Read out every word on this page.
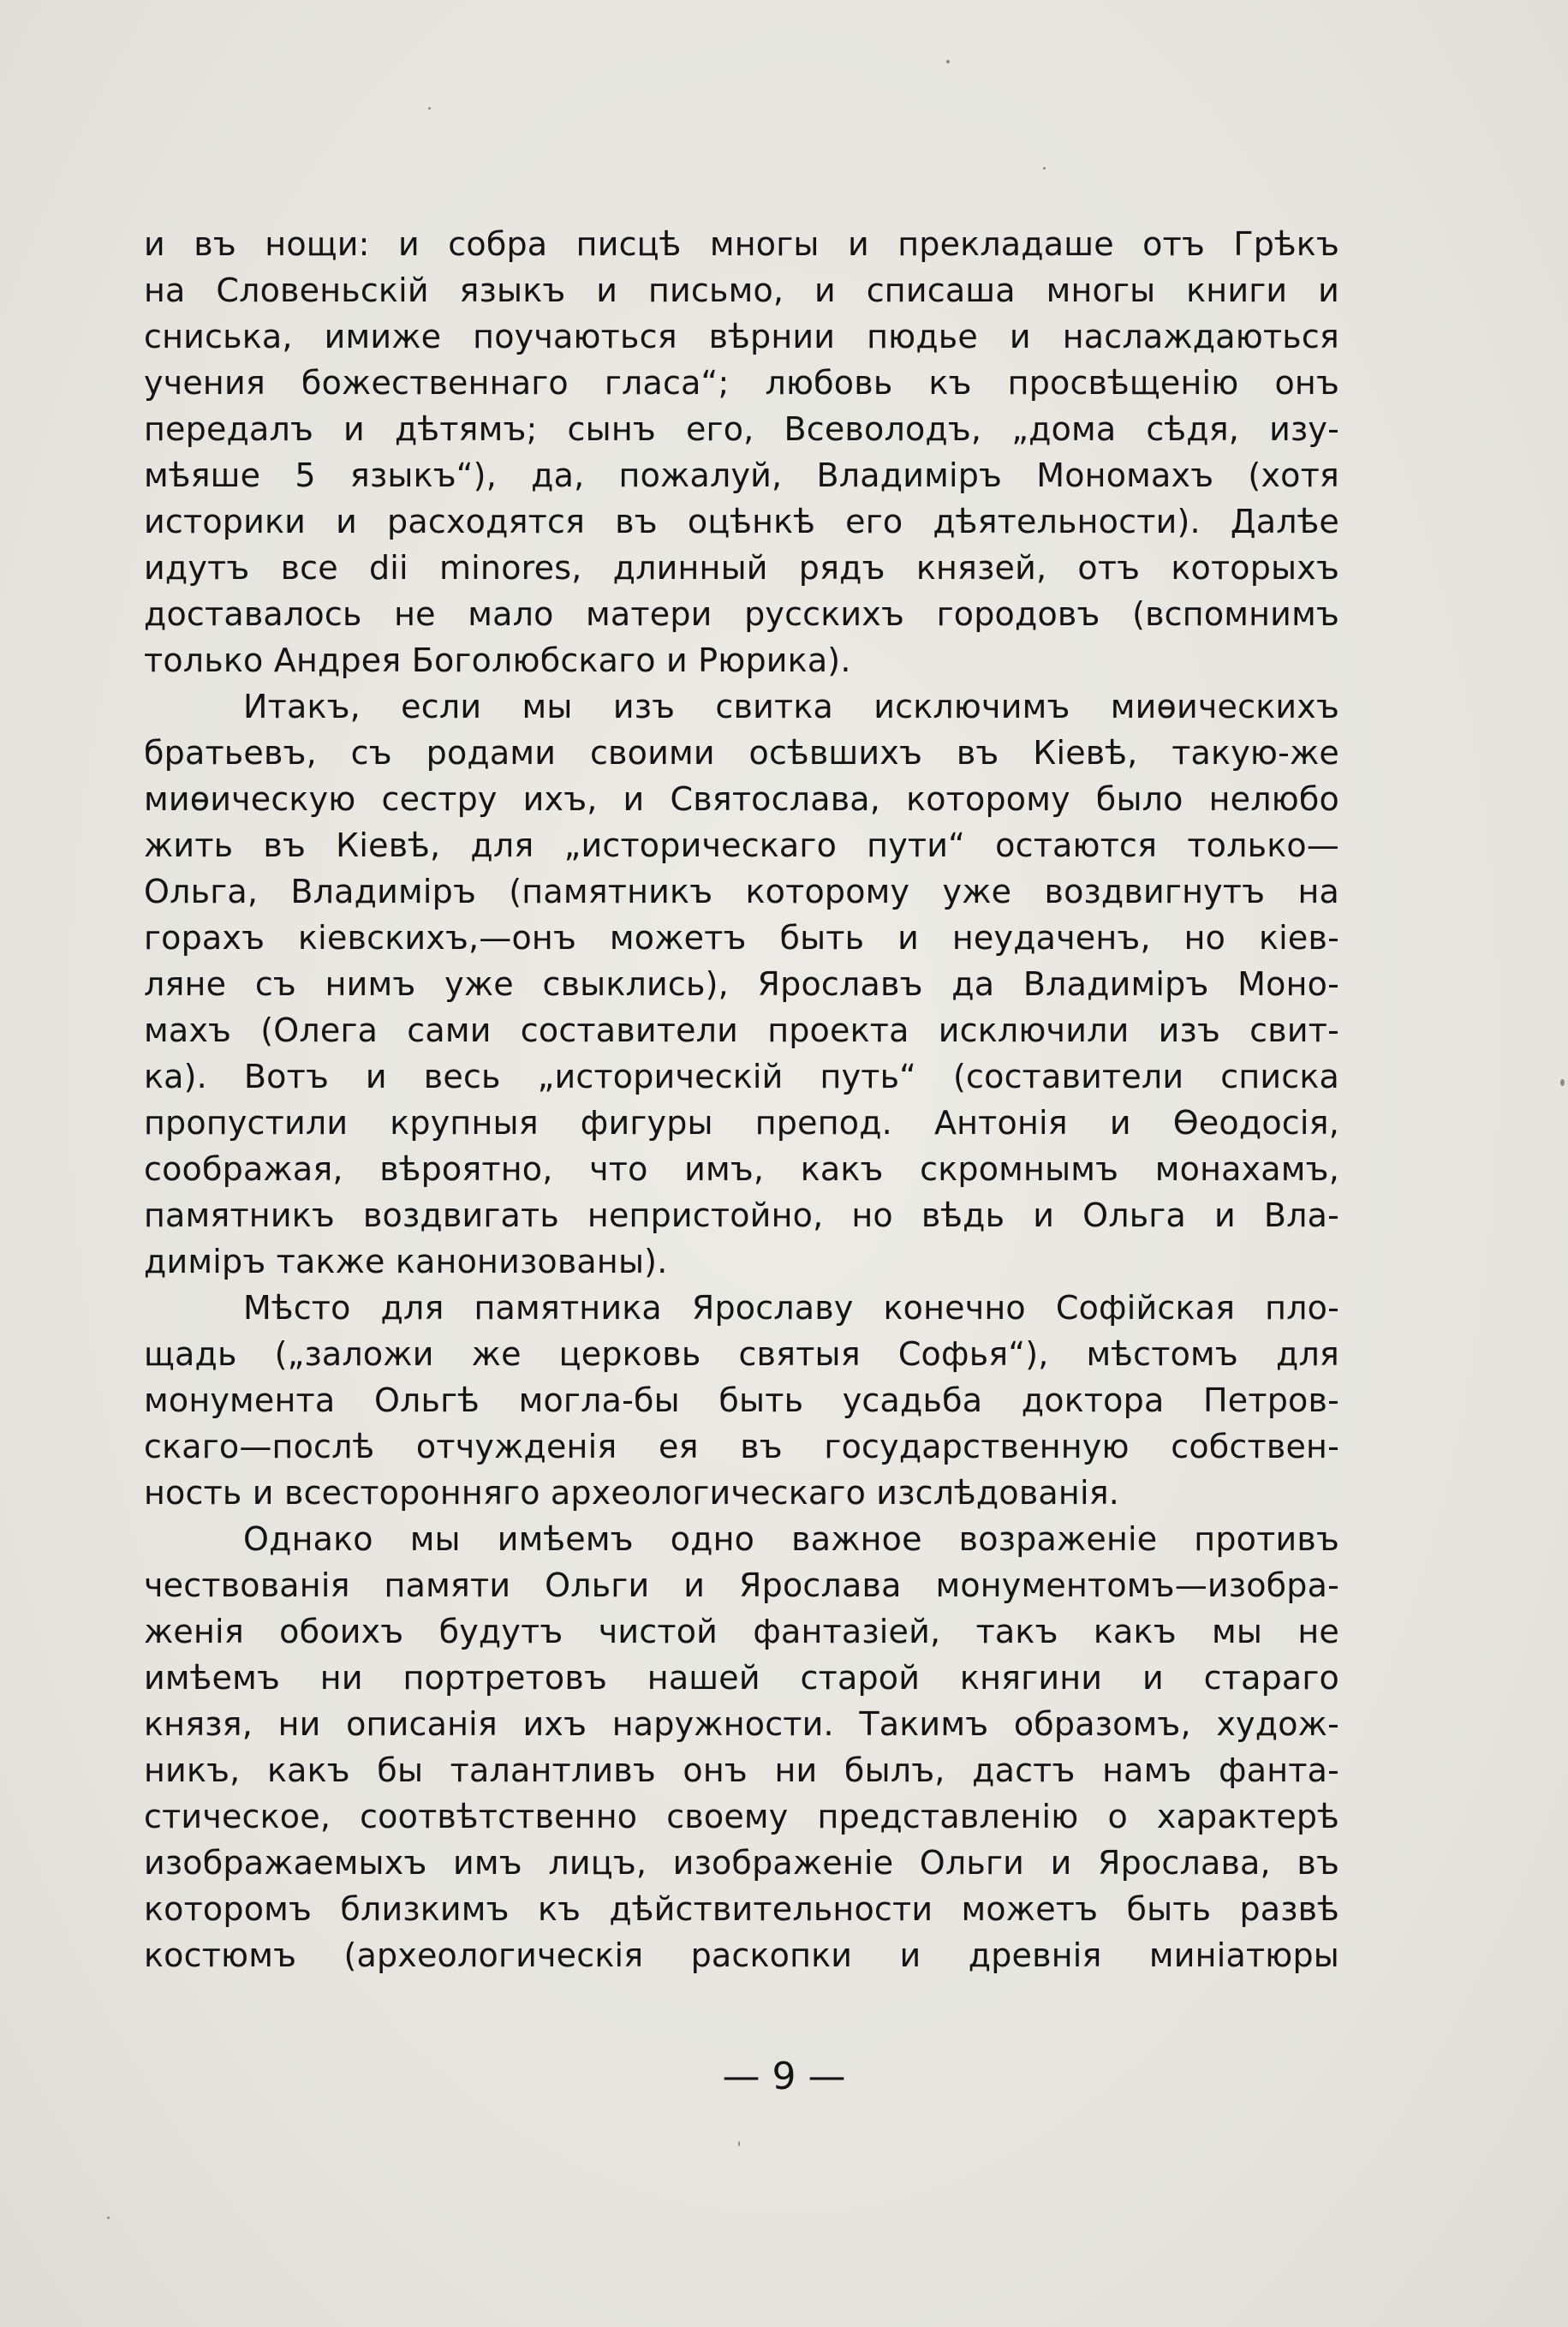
и въ нощи: и собра писцѣ многы и прекладаше отъ Грѣкъ
на Словеньскій языкъ и письмо, и списаша многы книги и
сниська, имиже поучаються вѣрнии пюдье и наслаждаються
учения божественнаго гласа“; любовь къ просвѣщенію онъ
передалъ и дѣтямъ; сынъ его, Всеволодъ, „дома сѣдя, изу-
мѣяше 5 языкъ“), да, пожалуй, Владиміръ Мономахъ (хотя
историки и расходятся въ оцѣнкѣ его дѣятельности). Далѣе
идутъ все dii minores, длинный рядъ князей, отъ которыхъ
доставалось не мало матери русскихъ городовъ (вспомнимъ
только Андрея Боголюбскаго и Рюрика).
Итакъ, если мы изъ свитка исключимъ миѳическихъ
братьевъ, съ родами своими осѣвшихъ въ Кіевѣ, такую-же
миѳическую сестру ихъ, и Святослава, которому было нелюбо
жить въ Кіевѣ, для „историческаго пути“ остаются только—
Ольга, Владиміръ (памятникъ которому уже воздвигнутъ на
горахъ кіевскихъ,—онъ можетъ быть и неудаченъ, но кіев-
ляне съ нимъ уже свыклись), Ярославъ да Владиміръ Моно-
махъ (Олега сами составители проекта исключили изъ свит-
ка). Вотъ и весь „историческій путь“ (составители списка
пропустили крупныя фигуры препод. Антонія и Ѳеодосія,
соображая, вѣроятно, что имъ, какъ скромнымъ монахамъ,
памятникъ воздвигать непристойно, но вѣдь и Ольга и Вла-
диміръ также канонизованы).
Мѣсто для памятника Ярославу конечно Софійская пло-
щадь („заложи же церковь святыя Софья“), мѣстомъ для
монумента Ольгѣ могла-бы быть усадьба доктора Петров-
скаго—послѣ отчужденія ея въ государственную собствен-
ность и всесторонняго археологическаго изслѣдованія.
Однако мы имѣемъ одно важное возраженіе противъ
чествованія памяти Ольги и Ярослава монументомъ—изобра-
женія обоихъ будутъ чистой фантазіей, такъ какъ мы не
имѣемъ ни портретовъ нашей старой княгини и стараго
князя, ни описанія ихъ наружности. Такимъ образомъ, худож-
никъ, какъ бы талантливъ онъ ни былъ, дастъ намъ фанта-
стическое, соотвѣтственно своему представленію о характерѣ
изображаемыхъ имъ лицъ, изображеніе Ольги и Ярослава, въ
которомъ близкимъ къ дѣйствительности можетъ быть развѣ
костюмъ (археологическія раскопки и древнія миніатюры
— 9 —
